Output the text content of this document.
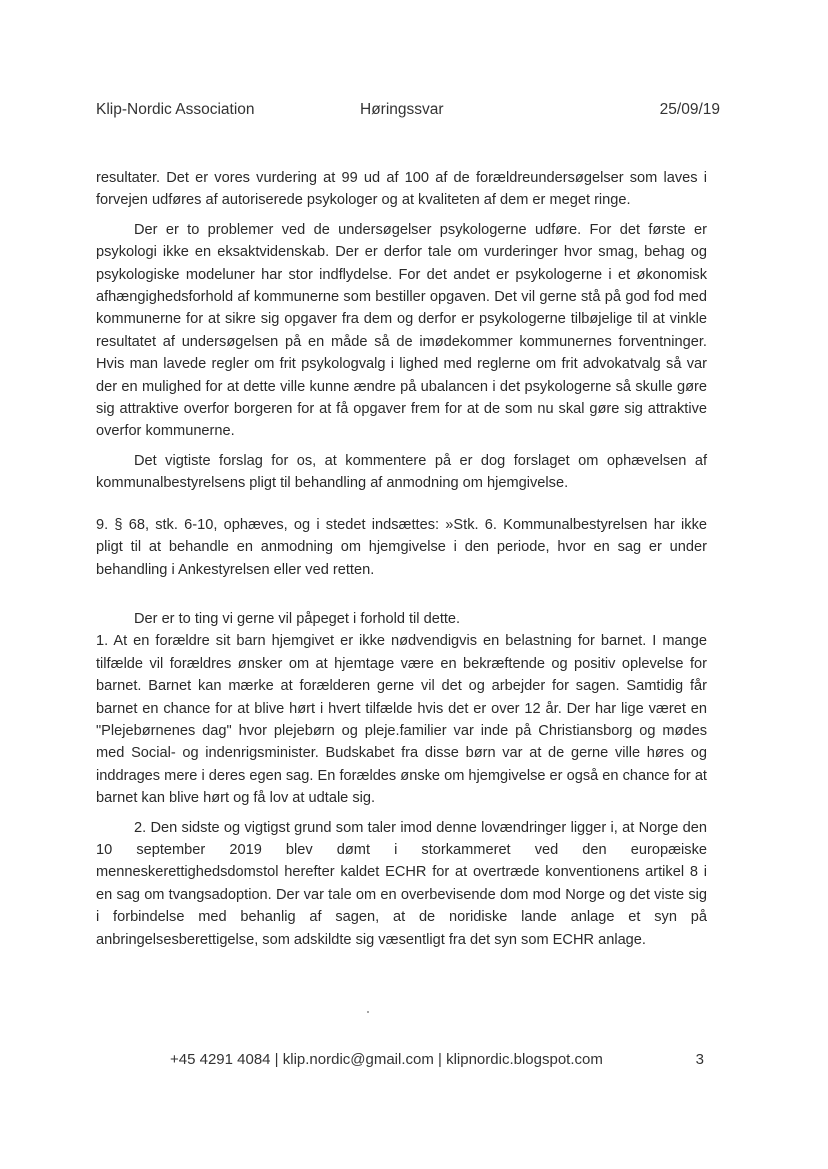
Klip-Nordic Association	Høringssvar	25/09/19

resultater. Det er vores vurdering at 99 ud af 100 af de forældreundersøgelser som laves i forvejen udføres af autoriserede psykologer og at kvaliteten af dem er meget ringe.

Der er to problemer ved de undersøgelser psykologerne udføre. For det første er psykologi ikke en eksaktvidenskab. Der er derfor tale om vurderinger hvor smag, behag og psykologiske modeluner har stor indflydelse. For det andet er psykologerne i et økonomisk afhængighedsforhold af kommunerne som bestiller opgaven. Det vil gerne stå på god fod med kommunerne for at sikre sig opgaver fra dem og derfor er psykologerne tilbøjelige til at vinkle resultatet af undersøgelsen på en måde så de imødekommer kommunernes forventninger. Hvis man lavede regler om frit psykologvalg i lighed med reglerne om frit advokatvalg så var der en mulighed for at dette ville kunne ændre på ubalancen i det psykologerne så skulle gøre sig attraktive overfor borgeren for at få opgaver frem for at de som nu skal gøre sig attraktive overfor kommunerne.

Det vigtiste forslag for os, at kommentere på er dog forslaget om ophævelsen af kommunalbestyrelsens pligt til behandling af anmodning om hjemgivelse.

9. § 68, stk. 6-10, ophæves, og i stedet indsættes: »Stk. 6. Kommunalbestyrelsen har ikke pligt til at behandle en anmodning om hjemgivelse i den periode, hvor en sag er under behandling i Ankestyrelsen eller ved retten.

Der er to ting vi gerne vil påpeget i forhold til dette.

1. At en forældre sit barn hjemgivet er ikke nødvendigvis en belastning for barnet. I mange tilfælde vil forældres ønsker om at hjemtage være en bekræftende og positiv oplevelse for barnet. Barnet kan mærke at forælderen gerne vil det og arbejder for sagen. Samtidig får barnet en chance for at blive hørt i hvert tilfælde hvis det er over 12 år. Der har lige været en "Plejebørnenes dag" hvor plejebørn og pleje.familier var inde på Christiansborg og mødes med Social- og indenrigsminister. Budskabet fra disse børn var at de gerne ville høres og inddrages mere i deres egen sag. En forældes ønske om hjemgivelse er også en chance for at barnet kan blive hørt og få lov at udtale sig.

2. Den sidste og vigtigst grund som taler imod denne lovændringer ligger i, at Norge den 10 september 2019 blev dømt i storkammeret ved den europæiske menneskerettighedsdomstol herefter kaldet ECHR for at overtræde konventionens artikel 8 i en sag om tvangsadoption. Der var tale om en overbevisende dom mod Norge og det viste sig i forbindelse med behanlig af sagen, at de noridiske lande anlage et syn på anbringelsesberettigelse, som adskildte sig væsentligt fra det syn som ECHR anlage.

+45 4291 4084 | klip.nordic@gmail.com | klipnordic.blogspot.com	3
